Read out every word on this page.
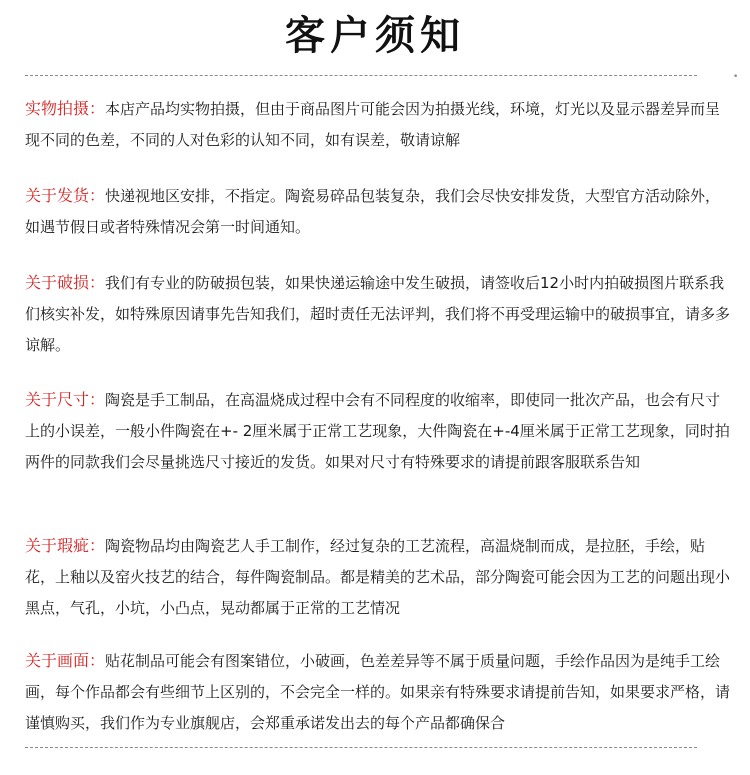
客户须知
•

实物拍摄：本店产品均实物拍摄，但由于商品图片可能会因为拍摄光线，环境，灯光以及显示器差异而呈现不同的色差，不同的人对色彩的认知不同，如有误差，敬请谅解

关于发货：快递视地区安排，不指定。陶瓷易碎品包装复杂，我们会尽快安排发货，大型官方活动除外，如遇节假日或者特殊情况会第一时间通知。

关于破损：我们有专业的防破损包装，如果快递运输途中发生破损，请签收后12小时内拍破损图片联系我们核实补发，如特殊原因请事先告知我们，超时责任无法评判，我们将不再受理运输中的破损事宜，请多多谅解。

关于尺寸：陶瓷是手工制品，在高温烧成过程中会有不同程度的收缩率，即使同一批次产品，也会有尺寸上的小误差，一般小件陶瓷在+- 2厘米属于正常工艺现象，大件陶瓷在+-4厘米属于正常工艺现象，同时拍两件的同款我们会尽量挑选尺寸接近的发货。如果对尺寸有特殊要求的请提前跟客服联系告知

关于瑕疵：陶瓷物品均由陶瓷艺人手工制作，经过复杂的工艺流程，高温烧制而成，是拉胚，手绘，贴花，上釉以及窑火技艺的结合，每件陶瓷制品。都是精美的艺术品，部分陶瓷可能会因为工艺的问题出现小黑点，气孔，小坑，小凸点，晃动都属于正常的工艺情况

关于画面：贴花制品可能会有图案错位，小破画，色差差异等不属于质量问题，手绘作品因为是纯手工绘画，每个作品都会有些细节上区别的，不会完全一样的。如果亲有特殊要求请提前告知，如果要求严格，请谨慎购买，我们作为专业旗舰店，会郑重承诺发出去的每个产品都确保合
